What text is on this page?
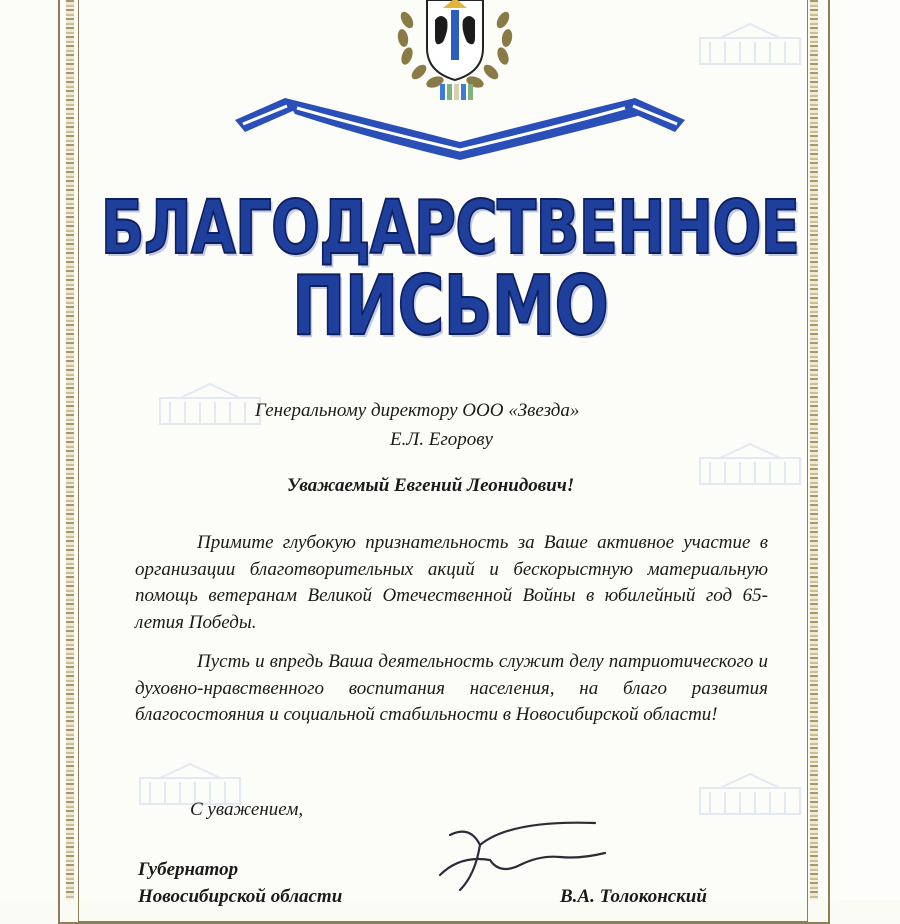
БЛАГОДАРСТВЕННОЕ
ПИСЬМО
Генеральному директору ООО «Звезда»
Е.Л. Егорову
Уважаемый Евгений Леонидович!
Примите глубокую признательность за Ваше активное участие в организации благотворительных акций и бескорыстную материальную помощь ветеранам Великой Отечественной Войны в юбилейный год 65-летия Победы.
Пусть и впредь Ваша деятельность служит делу патриотического и духовно-нравственного воспитания населения, на благо развития благосостояния и социальной стабильности в Новосибирской области!
С уважением,
Губернатор
Новосибирской области	В.А. Толоконский
